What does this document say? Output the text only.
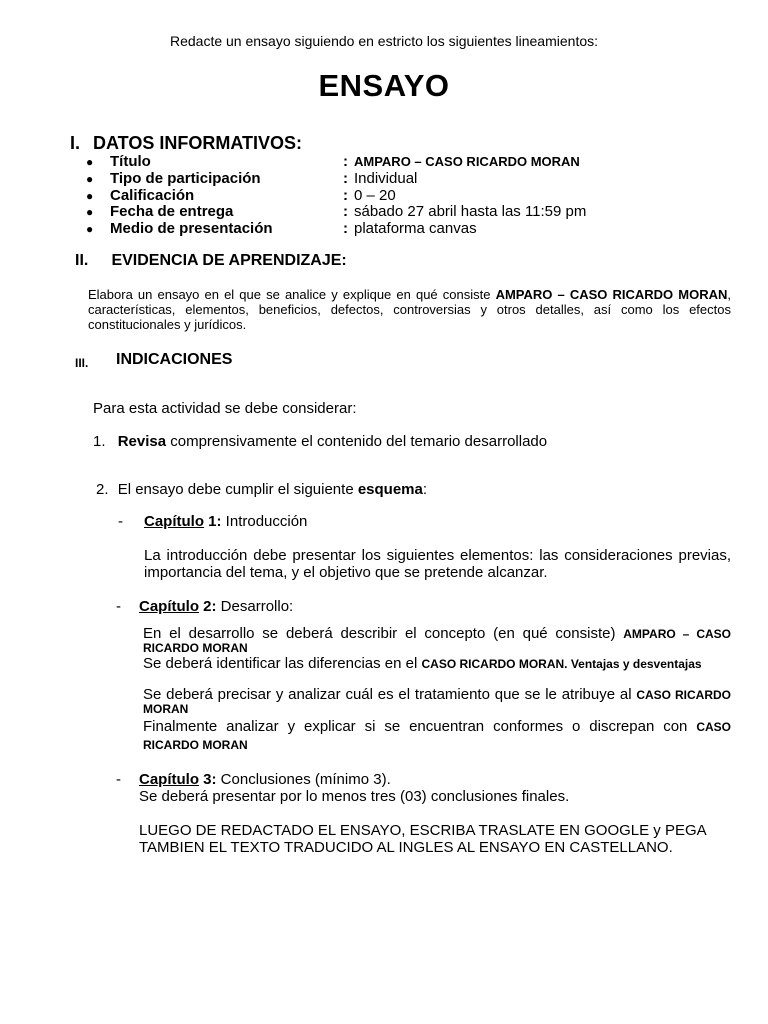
Redacte un ensayo siguiendo en estricto los siguientes lineamientos:
ENSAYO
I. DATOS INFORMATIVOS:
● Título	: AMPARO – CASO RICARDO MORAN
● Tipo de participación	: Individual
● Calificación	: 0 – 20
● Fecha de entrega	: sábado 27 abril hasta las 11:59 pm
● Medio de presentación	: plataforma canvas
II. EVIDENCIA DE APRENDIZAJE:
Elabora un ensayo en el que se analice y explique en qué consiste AMPARO – CASO RICARDO MORAN, características, elementos, beneficios, defectos, controversias y otros detalles, así como los efectos constitucionales y jurídicos.
III. INDICACIONES
Para esta actividad se debe considerar:
1. Revisa comprensivamente el contenido del temario desarrollado
2. El ensayo debe cumplir el siguiente esquema:
- Capítulo 1: Introducción
La introducción debe presentar los siguientes elementos: las consideraciones previas, importancia del tema, y el objetivo que se pretende alcanzar.
- Capítulo 2: Desarrollo:
En el desarrollo se deberá describir el concepto (en qué consiste) AMPARO – CASO RICARDO MORAN
Se deberá identificar las diferencias en el CASO RICARDO MORAN. Ventajas y desventajas
Se deberá precisar y analizar cuál es el tratamiento que se le atribuye al CASO RICARDO MORAN
Finalmente analizar y explicar si se encuentran conformes o discrepan con CASO RICARDO MORAN
- Capítulo 3: Conclusiones (mínimo 3).
Se deberá presentar por lo menos tres (03) conclusiones finales.
LUEGO DE REDACTADO EL ENSAYO, ESCRIBA TRASLATE EN GOOGLE y PEGA TAMBIEN EL TEXTO TRADUCIDO AL INGLES AL ENSAYO EN CASTELLANO.
